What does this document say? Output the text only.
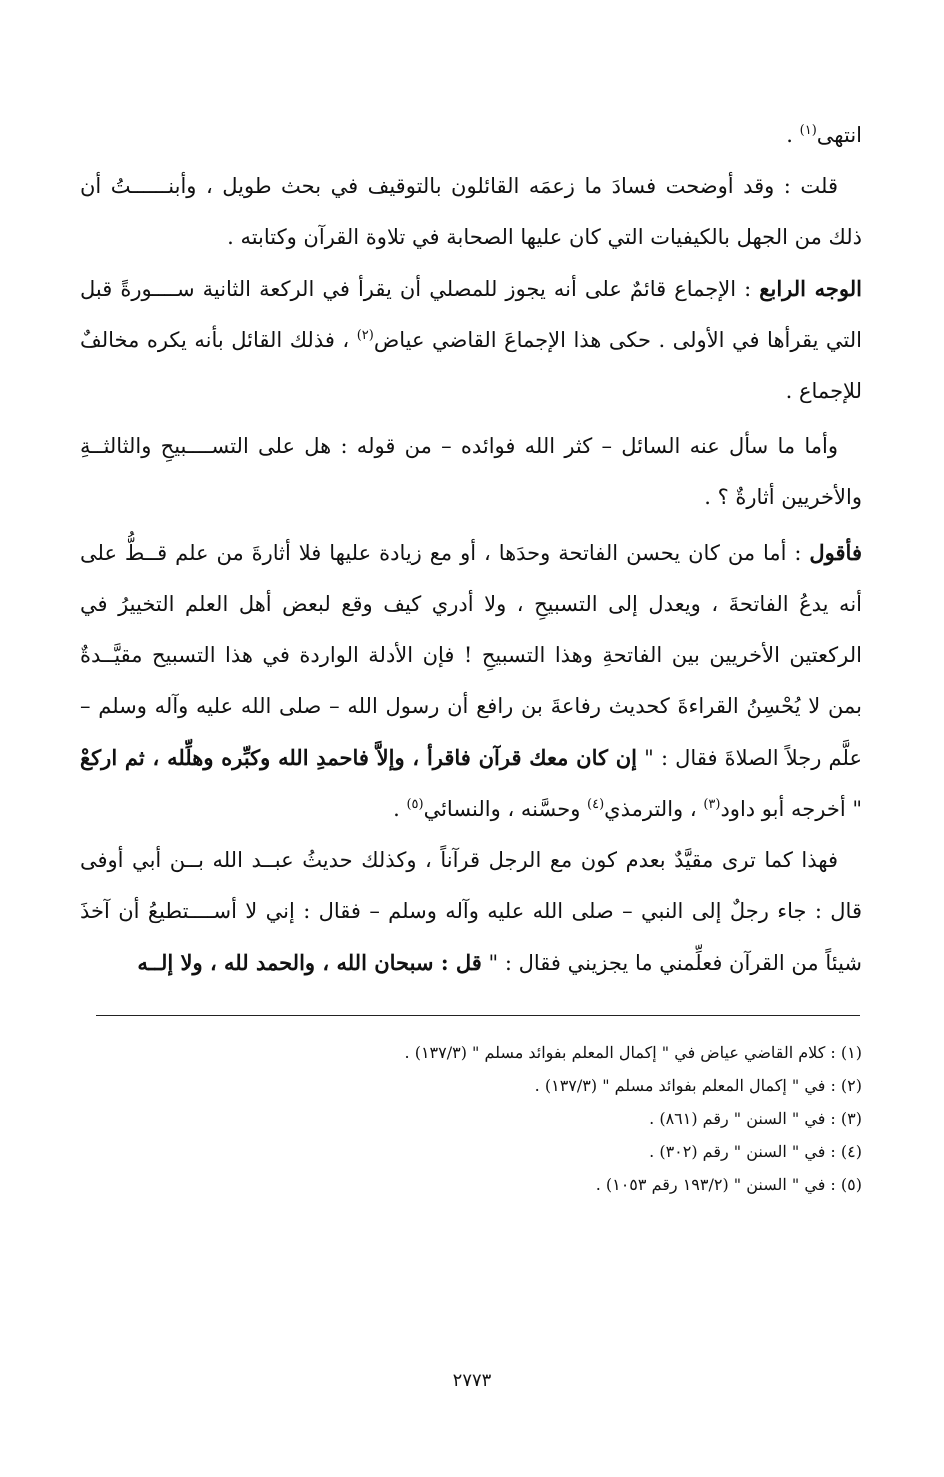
انتهى$^{(١)}$ .

قلت : وقد أوضحت فسادَ ما زعمَه القائلون بالتوقيف في بحث طويل ، وأبنــــــتُ أن ذلك من الجهل بالكيفيات التي كان عليها الصحابة في تلاوة القرآن وكتابته .

الوجه الرابع : الإجماع قائمٌ على أنه يجوز للمصلي أن يقرأ في الركعة الثانية ســــورةً قبل التي يقرأها في الأولى . حكى هذا الإجماعَ القاضي عياض$^{(٢)}$ ، فذلك القائل بأنه يكره مخالفٌ للإجماع .

وأما ما سأل عنه السائل – كثر الله فوائده – من قوله : هل على التســــبيحِ والثالثــةِ والأخريين أثارةٌ ؟ .

فأقول : أما من كان يحسن الفاتحة وحدَها ، أو مع زيادة عليها فلا أثارةَ من علم قــطُّ على أنه يدعُ الفاتحةَ ، ويعدل إلى التسبيحِ ، ولا أدري كيف وقع لبعض أهل العلم التخييرُ في الركعتين الأخريين بين الفاتحةِ وهذا التسبيحِ ! فإن الأدلة الواردة في هذا التسبيح مقيَّــدةٌ بمن لا يُحْسِنُ القراءةَ كحديث رفاعةَ بن رافع أن رسول الله – صلى الله عليه وآله وسلم – علَّم رجلاً الصلاةَ فقال : " إن كان معك قرآن فاقرأ ، وإلاَّ فاحمدِ الله وكبِّره وهلِّله ، ثم اركعْ " أخرجه أبو داود$^{(٣)}$ ، والترمذي$^{(٤)}$ وحسَّنه ، والنسائي$^{(٥)}$ .

فهذا كما ترى مقيَّدٌ بعدم كون مع الرجل قرآناً ، وكذلك حديثُ عبــد الله بــن أبي أوفى قال : جاء رجلٌ إلى النبي – صلى الله عليه وآله وسلم – فقال : إني لا أســــتطيعُ أن آخذَ شيئاً من القرآن فعلِّمني ما يجزيني فقال : " قل : سبحان الله ، والحمد لله ، ولا إلــه

(١) : كلام القاضي عياض في " إكمال المعلم بفوائد مسلم " (١٣٧/٣) .

(٢) : في " إكمال المعلم بفوائد مسلم " (١٣٧/٣) .

(٣) : في " السنن " رقم (٨٦١) .

(٤) : في " السنن " رقم (٣٠٢) .

(٥) : في " السنن " (١٩٣/٢ رقم ١٠٥٣) .

٢٧٧٣
